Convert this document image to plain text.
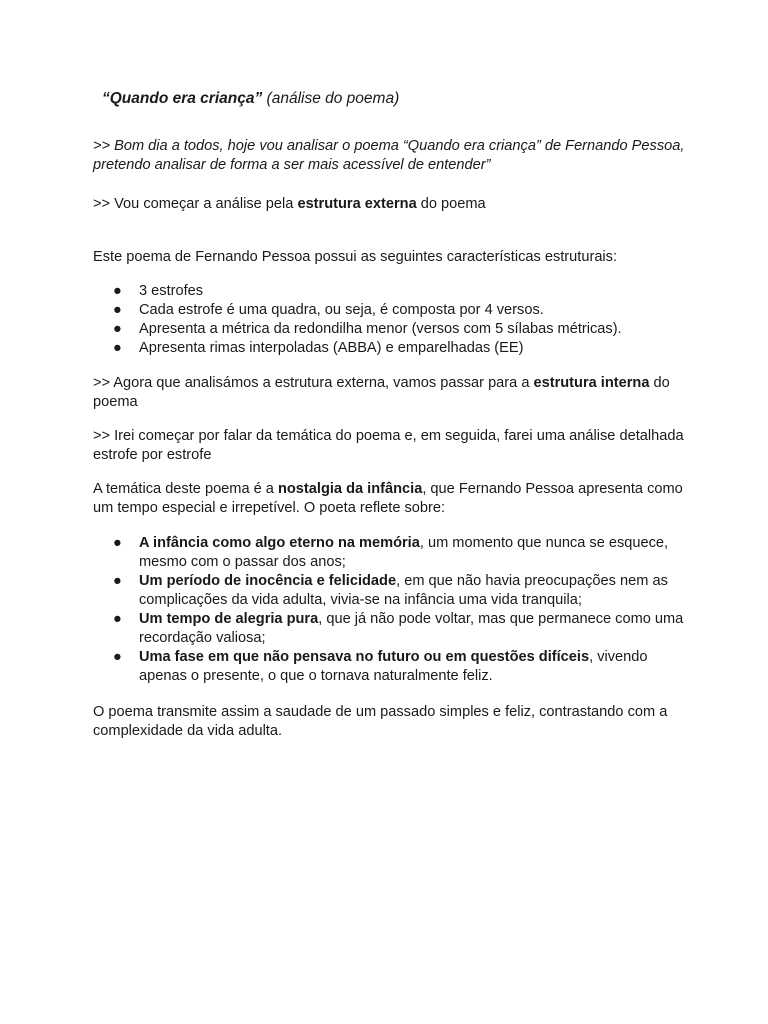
“Quando era criança” (análise do poema)

>> Bom dia a todos, hoje vou analisar o poema “Quando era criança” de Fernando Pessoa, pretendo analisar de forma a ser mais acessível de entender”

>> Vou começar a análise pela estrutura externa do poema

Este poema de Fernando Pessoa possui as seguintes características estruturais:

● 3 estrofes
● Cada estrofe é uma quadra, ou seja, é composta por 4 versos.
● Apresenta a métrica da redondilha menor (versos com 5 sílabas métricas).
● Apresenta rimas interpoladas (ABBA) e emparelhadas (EE)

>> Agora que analisámos a estrutura externa, vamos passar para a estrutura interna do poema

>> Irei começar por falar da temática do poema e, em seguida, farei uma análise detalhada estrofe por estrofe

A temática deste poema é a nostalgia da infância, que Fernando Pessoa apresenta como um tempo especial e irrepetível. O poeta reflete sobre:

● A infância como algo eterno na memória, um momento que nunca se esquece, mesmo com o passar dos anos;
● Um período de inocência e felicidade, em que não havia preocupações nem as complicações da vida adulta, vivia-se na infância uma vida tranquila;
● Um tempo de alegria pura, que já não pode voltar, mas que permanece como uma recordação valiosa;
● Uma fase em que não pensava no futuro ou em questões difíceis, vivendo apenas o presente, o que o tornava naturalmente feliz.

O poema transmite assim a saudade de um passado simples e feliz, contrastando com a complexidade da vida adulta.
